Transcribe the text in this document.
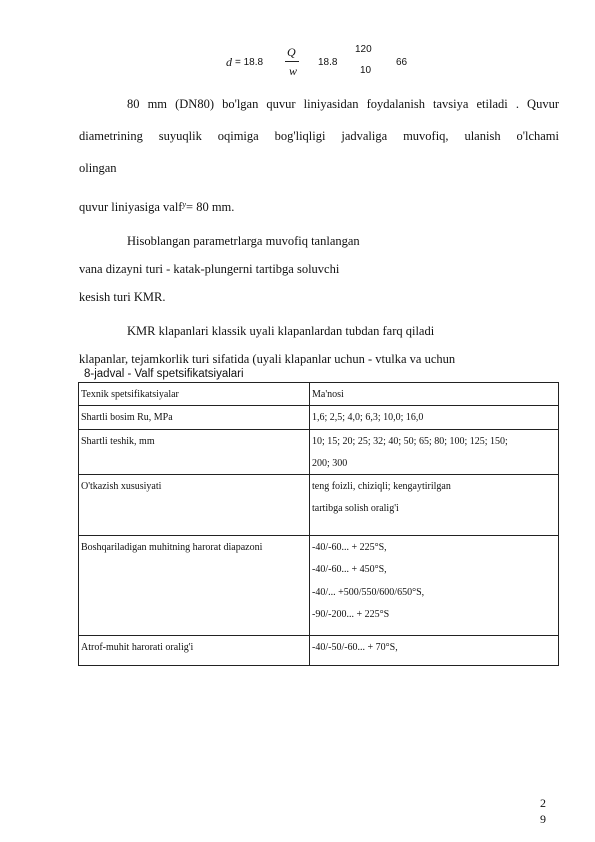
d = 18.8
Q
w
18.8
120
10
66
80 mm (DN80) bo'lgan quvur liniyasidan foydalanish tavsiya etiladi . Quvur
diametrining suyuqlik oqimiga bog'liqligi jadvaliga muvofiq, ulanish o'lchami
olingan
quvur liniyasiga valf$^y$= 80 mm.
Hisoblangan parametrlarga muvofiq tanlangan
vana dizayni turi - katak-plungerni tartibga soluvchi
kesish turi KMR.
KMR klapanlari klassik uyali klapanlardan tubdan farq qiladi
klapanlar, tejamkorlik turi sifatida (uyali klapanlar uchun - vtulka va uchun
8-jadval - Valf spetsifikatsiyalari
Texnik spetsifikatsiyalar	Ma'nosi
Shartli bosim Ru, MPa	1,6; 2,5; 4,0; 6,3; 10,0; 16,0

Shartli teshik, mm	10; 15; 20; 25; 32; 40; 50; 65; 80; 100; 125; 150;
200; 300

O'tkazish xususiyati	teng foizli, chiziqli; kengaytirilgan
tartibga solish oralig'i

Boshqariladigan muhitning harorat diapazoni	-40/-60... + 225°S,
-40/-60... + 450°S,
-40/... +500/550/600/650°S,
-90/-200... + 225°S

Atrof-muhit harorati oralig'i	-40/-50/-60... + 70°S,
2
9
